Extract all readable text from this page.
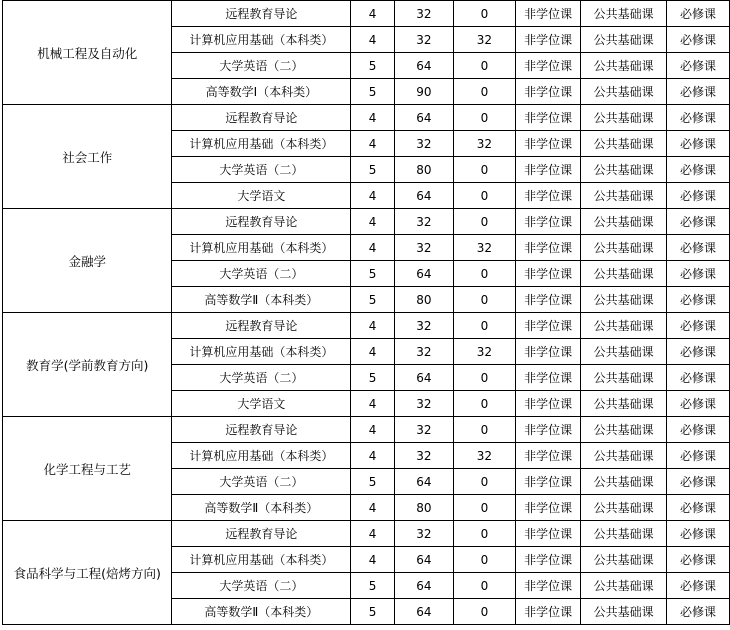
机械工程及自动化	远程教育导论	4	32	0	非学位课	公共基础课	必修课
	计算机应用基础（本科类）	4	32	32	非学位课	公共基础课	必修课
	大学英语（二）	5	64	0	非学位课	公共基础课	必修课
	高等数学Ⅰ（本科类）	5	90	0	非学位课	公共基础课	必修课
社会工作	远程教育导论	4	64	0	非学位课	公共基础课	必修课
	计算机应用基础（本科类）	4	32	32	非学位课	公共基础课	必修课
	大学英语（二）	5	80	0	非学位课	公共基础课	必修课
	大学语文	4	64	0	非学位课	公共基础课	必修课
金融学	远程教育导论	4	32	0	非学位课	公共基础课	必修课
	计算机应用基础（本科类）	4	32	32	非学位课	公共基础课	必修课
	大学英语（二）	5	64	0	非学位课	公共基础课	必修课
	高等数学Ⅱ（本科类）	5	80	0	非学位课	公共基础课	必修课
教育学(学前教育方向)	远程教育导论	4	32	0	非学位课	公共基础课	必修课
	计算机应用基础（本科类）	4	32	32	非学位课	公共基础课	必修课
	大学英语（二）	5	64	0	非学位课	公共基础课	必修课
	大学语文	4	32	0	非学位课	公共基础课	必修课
化学工程与工艺	远程教育导论	4	32	0	非学位课	公共基础课	必修课
	计算机应用基础（本科类）	4	32	32	非学位课	公共基础课	必修课
	大学英语（二）	5	64	0	非学位课	公共基础课	必修课
	高等数学Ⅱ（本科类）	4	80	0	非学位课	公共基础课	必修课
食品科学与工程(焙烤方向)	远程教育导论	4	32	0	非学位课	公共基础课	必修课
	计算机应用基础（本科类）	4	64	0	非学位课	公共基础课	必修课
	大学英语（二）	5	64	0	非学位课	公共基础课	必修课
	高等数学Ⅱ（本科类）	5	64	0	非学位课	公共基础课	必修课
